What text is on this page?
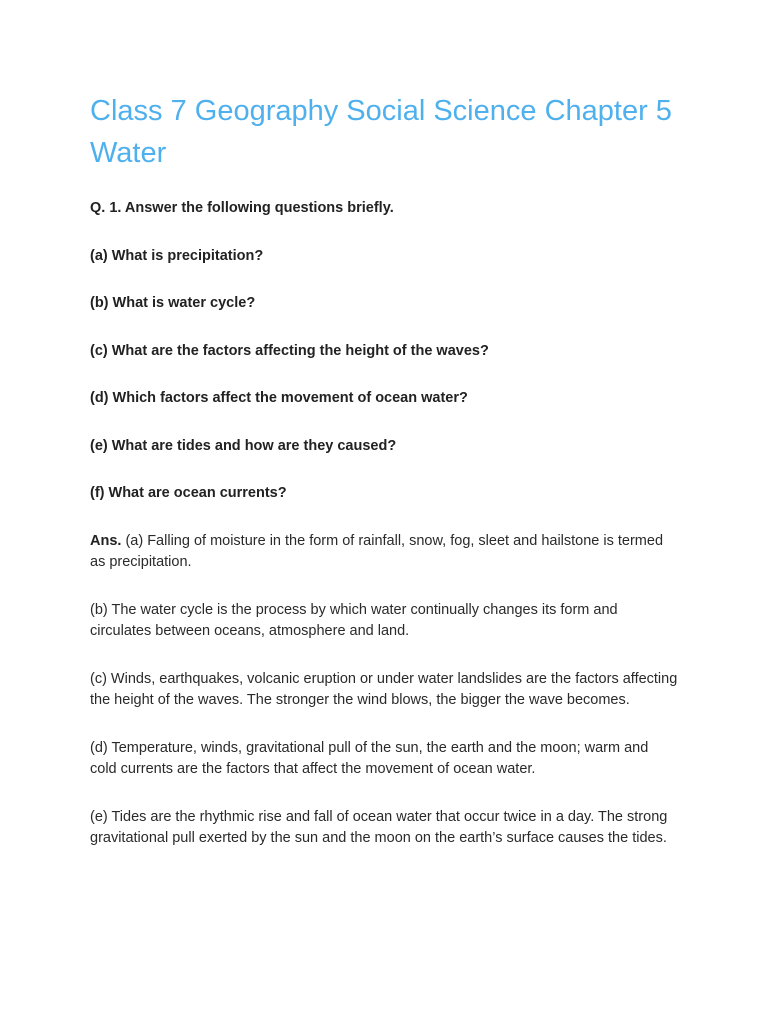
Class 7 Geography Social Science Chapter 5 Water

Q. 1. Answer the following questions briefly.

(a) What is precipitation?
(b) What is water cycle?
(c) What are the factors affecting the height of the waves?
(d) Which factors affect the movement of ocean water?
(e) What are tides and how are they caused?
(f) What are ocean currents?

Ans. (a) Falling of moisture in the form of rainfall, snow, fog, sleet and hailstone is termed as precipitation.

(b) The water cycle is the process by which water continually changes its form and circulates between oceans, atmosphere and land.

(c) Winds, earthquakes, volcanic eruption or under water landslides are the factors affecting the height of the waves. The stronger the wind blows, the bigger the wave becomes.

(d) Temperature, winds, gravitational pull of the sun, the earth and the moon; warm and cold currents are the factors that affect the movement of ocean water.

(e) Tides are the rhythmic rise and fall of ocean water that occur twice in a day. The strong gravitational pull exerted by the sun and the moon on the earth’s surface causes the tides.
